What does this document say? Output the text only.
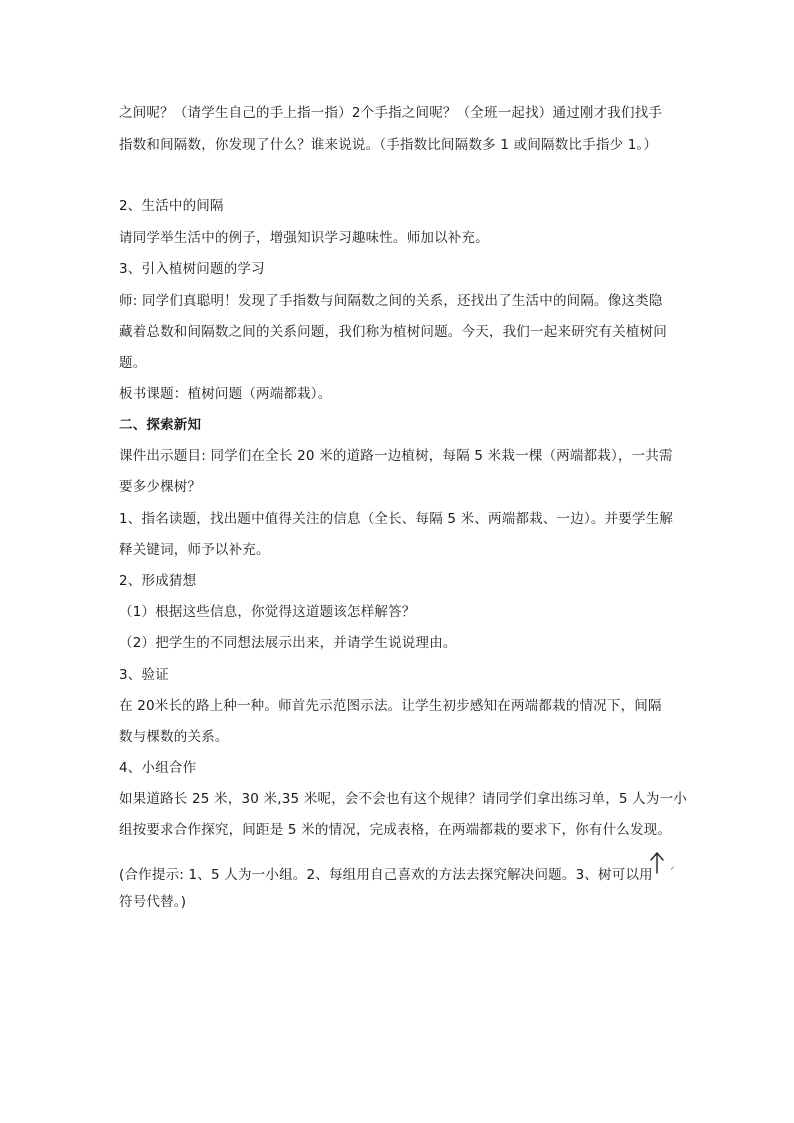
之间呢？（请学生自己的手上指一指）2个手指之间呢？（全班一起找）通过刚才我们找手
指数和间隔数，你发现了什么？谁来说说。（手指数比间隔数多 1 或间隔数比手指少 1。）
2、生活中的间隔
请同学举生活中的例子，增强知识学习趣味性。师加以补充。
3、引入植树问题的学习
师: 同学们真聪明！发现了手指数与间隔数之间的关系，还找出了生活中的间隔。像这类隐
藏着总数和间隔数之间的关系问题，我们称为植树问题。今天，我们一起来研究有关植树问
题。
板书课题：植树问题（两端都栽）。
二、探索新知
课件出示题目: 同学们在全长 20 米的道路一边植树，每隔 5 米栽一棵（两端都栽），一共需
要多少棵树？
1、指名读题，找出题中值得关注的信息（全长、每隔 5 米、两端都栽、一边）。并要学生解
释关键词，师予以补充。
2、形成猜想
（1）根据这些信息，你觉得这道题该怎样解答？
（2）把学生的不同想法展示出来，并请学生说说理由。
3、验证
在 20米长的路上种一种。师首先示范图示法。让学生初步感知在两端都栽的情况下，间隔
数与棵数的关系。
4、小组合作
如果道路长 25 米，30 米,35 米呢，会不会也有这个规律？请同学们拿出练习单，5 人为一小
组按要求合作探究，间距是 5 米的情况，完成表格，在两端都栽的要求下，你有什么发现。
(合作提示: 1、5 人为一小组。2、每组用自己喜欢的方法去探究解决问题。3、树可以用
符号代替。)
⸝
